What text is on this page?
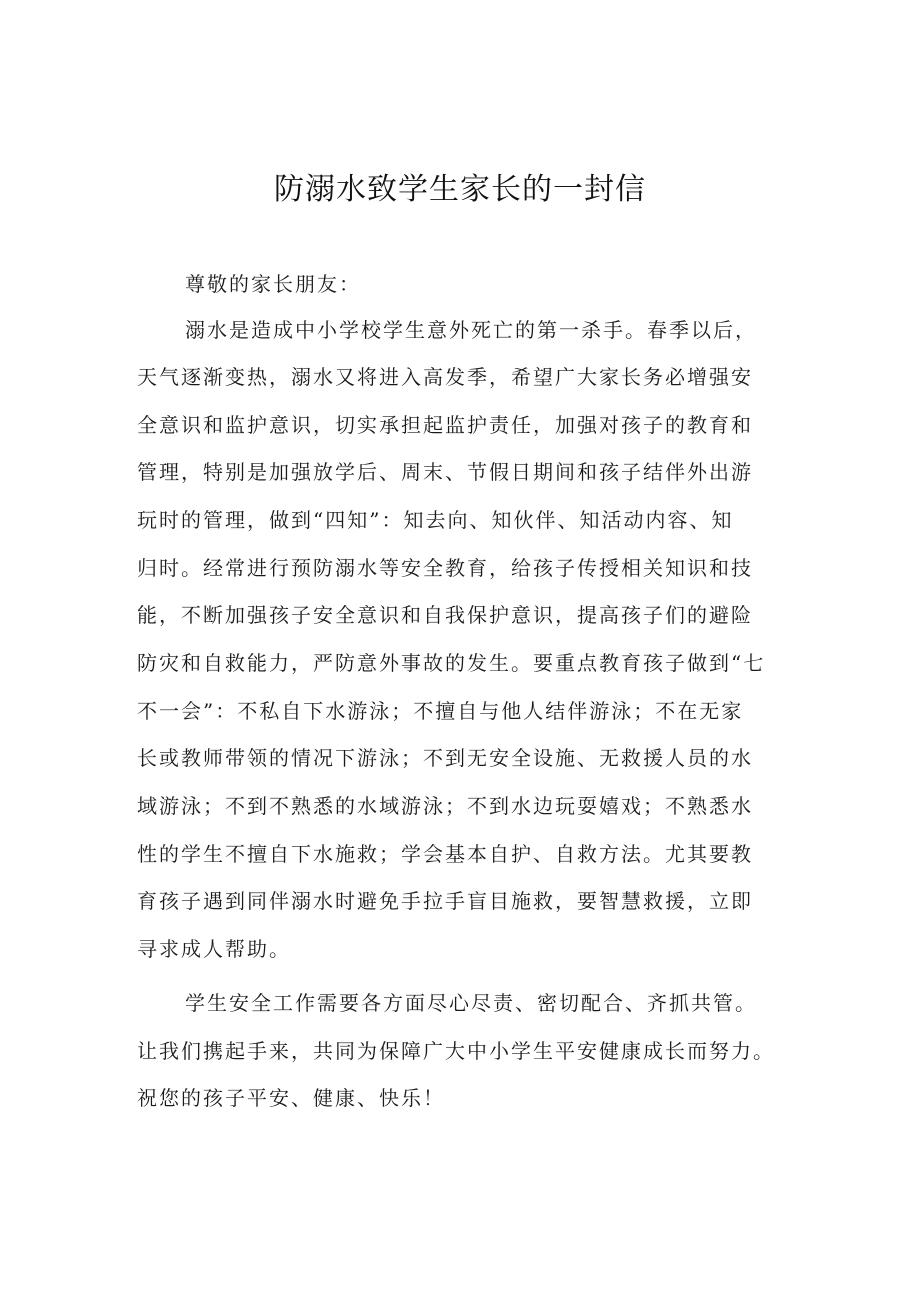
防溺水致学生家长的一封信

尊敬的家长朋友：

溺水是造成中小学校学生意外死亡的第一杀手。春季以后，

天气逐渐变热，溺水又将进入高发季，希望广大家长务必增强安

全意识和监护意识，切实承担起监护责任，加强对孩子的教育和

管理，特别是加强放学后、周末、节假日期间和孩子结伴外出游

玩时的管理，做到“四知”：知去向、知伙伴、知活动内容、知

归时。经常进行预防溺水等安全教育，给孩子传授相关知识和技

能，不断加强孩子安全意识和自我保护意识，提高孩子们的避险

防灾和自救能力，严防意外事故的发生。要重点教育孩子做到“七

不一会”：不私自下水游泳；不擅自与他人结伴游泳；不在无家

长或教师带领的情况下游泳；不到无安全设施、无救援人员的水

域游泳；不到不熟悉的水域游泳；不到水边玩耍嬉戏；不熟悉水

性的学生不擅自下水施救；学会基本自护、自救方法。尤其要教

育孩子遇到同伴溺水时避免手拉手盲目施救，要智慧救援，立即

寻求成人帮助。

学生安全工作需要各方面尽心尽责、密切配合、齐抓共管。

让我们携起手来，共同为保障广大中小学生平安健康成长而努力。

祝您的孩子平安、健康、快乐！
